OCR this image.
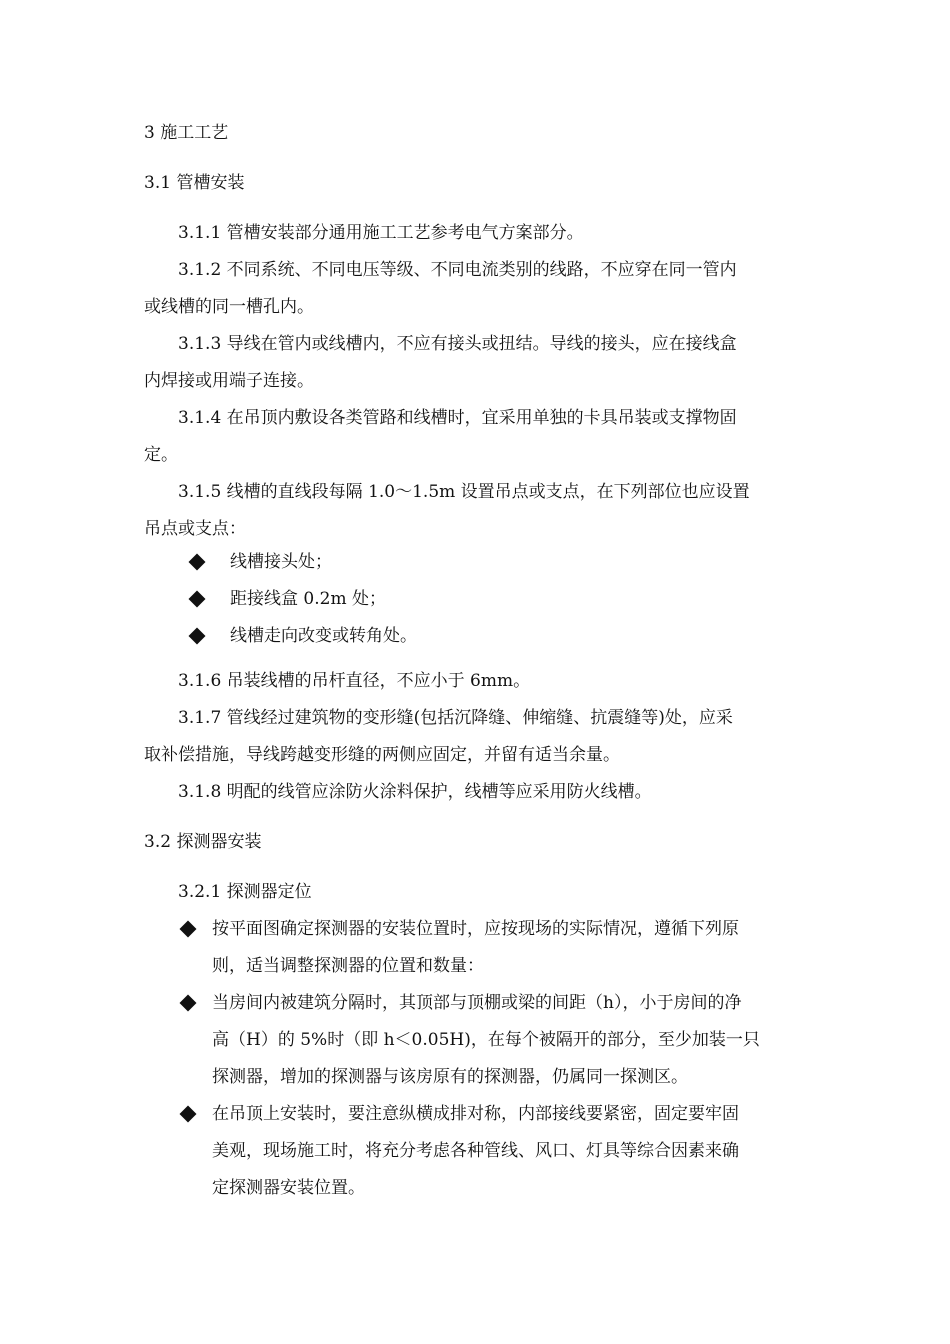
3 施工工艺
3.1 管槽安装
3.1.1 管槽安装部分通用施工工艺参考电气方案部分。
3.1.2 不同系统、不同电压等级、不同电流类别的线路，不应穿在同一管内
或线槽的同一槽孔内。
3.1.3 导线在管内或线槽内，不应有接头或扭结。导线的接头，应在接线盒
内焊接或用端子连接。
3.1.4 在吊顶内敷设各类管路和线槽时，宜采用单独的卡具吊装或支撑物固
定。
3.1.5 线槽的直线段每隔 1.0～1.5m 设置吊点或支点，在下列部位也应设置
吊点或支点：
线槽接头处；
距接线盒 0.2m 处；
线槽走向改变或转角处。
3.1.6 吊装线槽的吊杆直径，不应小于 6mm。
3.1.7 管线经过建筑物的变形缝(包括沉降缝、伸缩缝、抗震缝等)处，应采
取补偿措施，导线跨越变形缝的两侧应固定，并留有适当余量。
3.1.8 明配的线管应涂防火涂料保护，线槽等应采用防火线槽。
3.2 探测器安装
3.2.1 探测器定位
按平面图确定探测器的安装位置时，应按现场的实际情况，遵循下列原
则，适当调整探测器的位置和数量：
当房间内被建筑分隔时，其顶部与顶棚或梁的间距（h），小于房间的净
高（H）的 5%时（即 h＜0.05H)，在每个被隔开的部分，至少加装一只
探测器，增加的探测器与该房原有的探测器，仍属同一探测区。
在吊顶上安装时，要注意纵横成排对称，内部接线要紧密，固定要牢固
美观，现场施工时，将充分考虑各种管线、风口、灯具等综合因素来确
定探测器安装位置。
